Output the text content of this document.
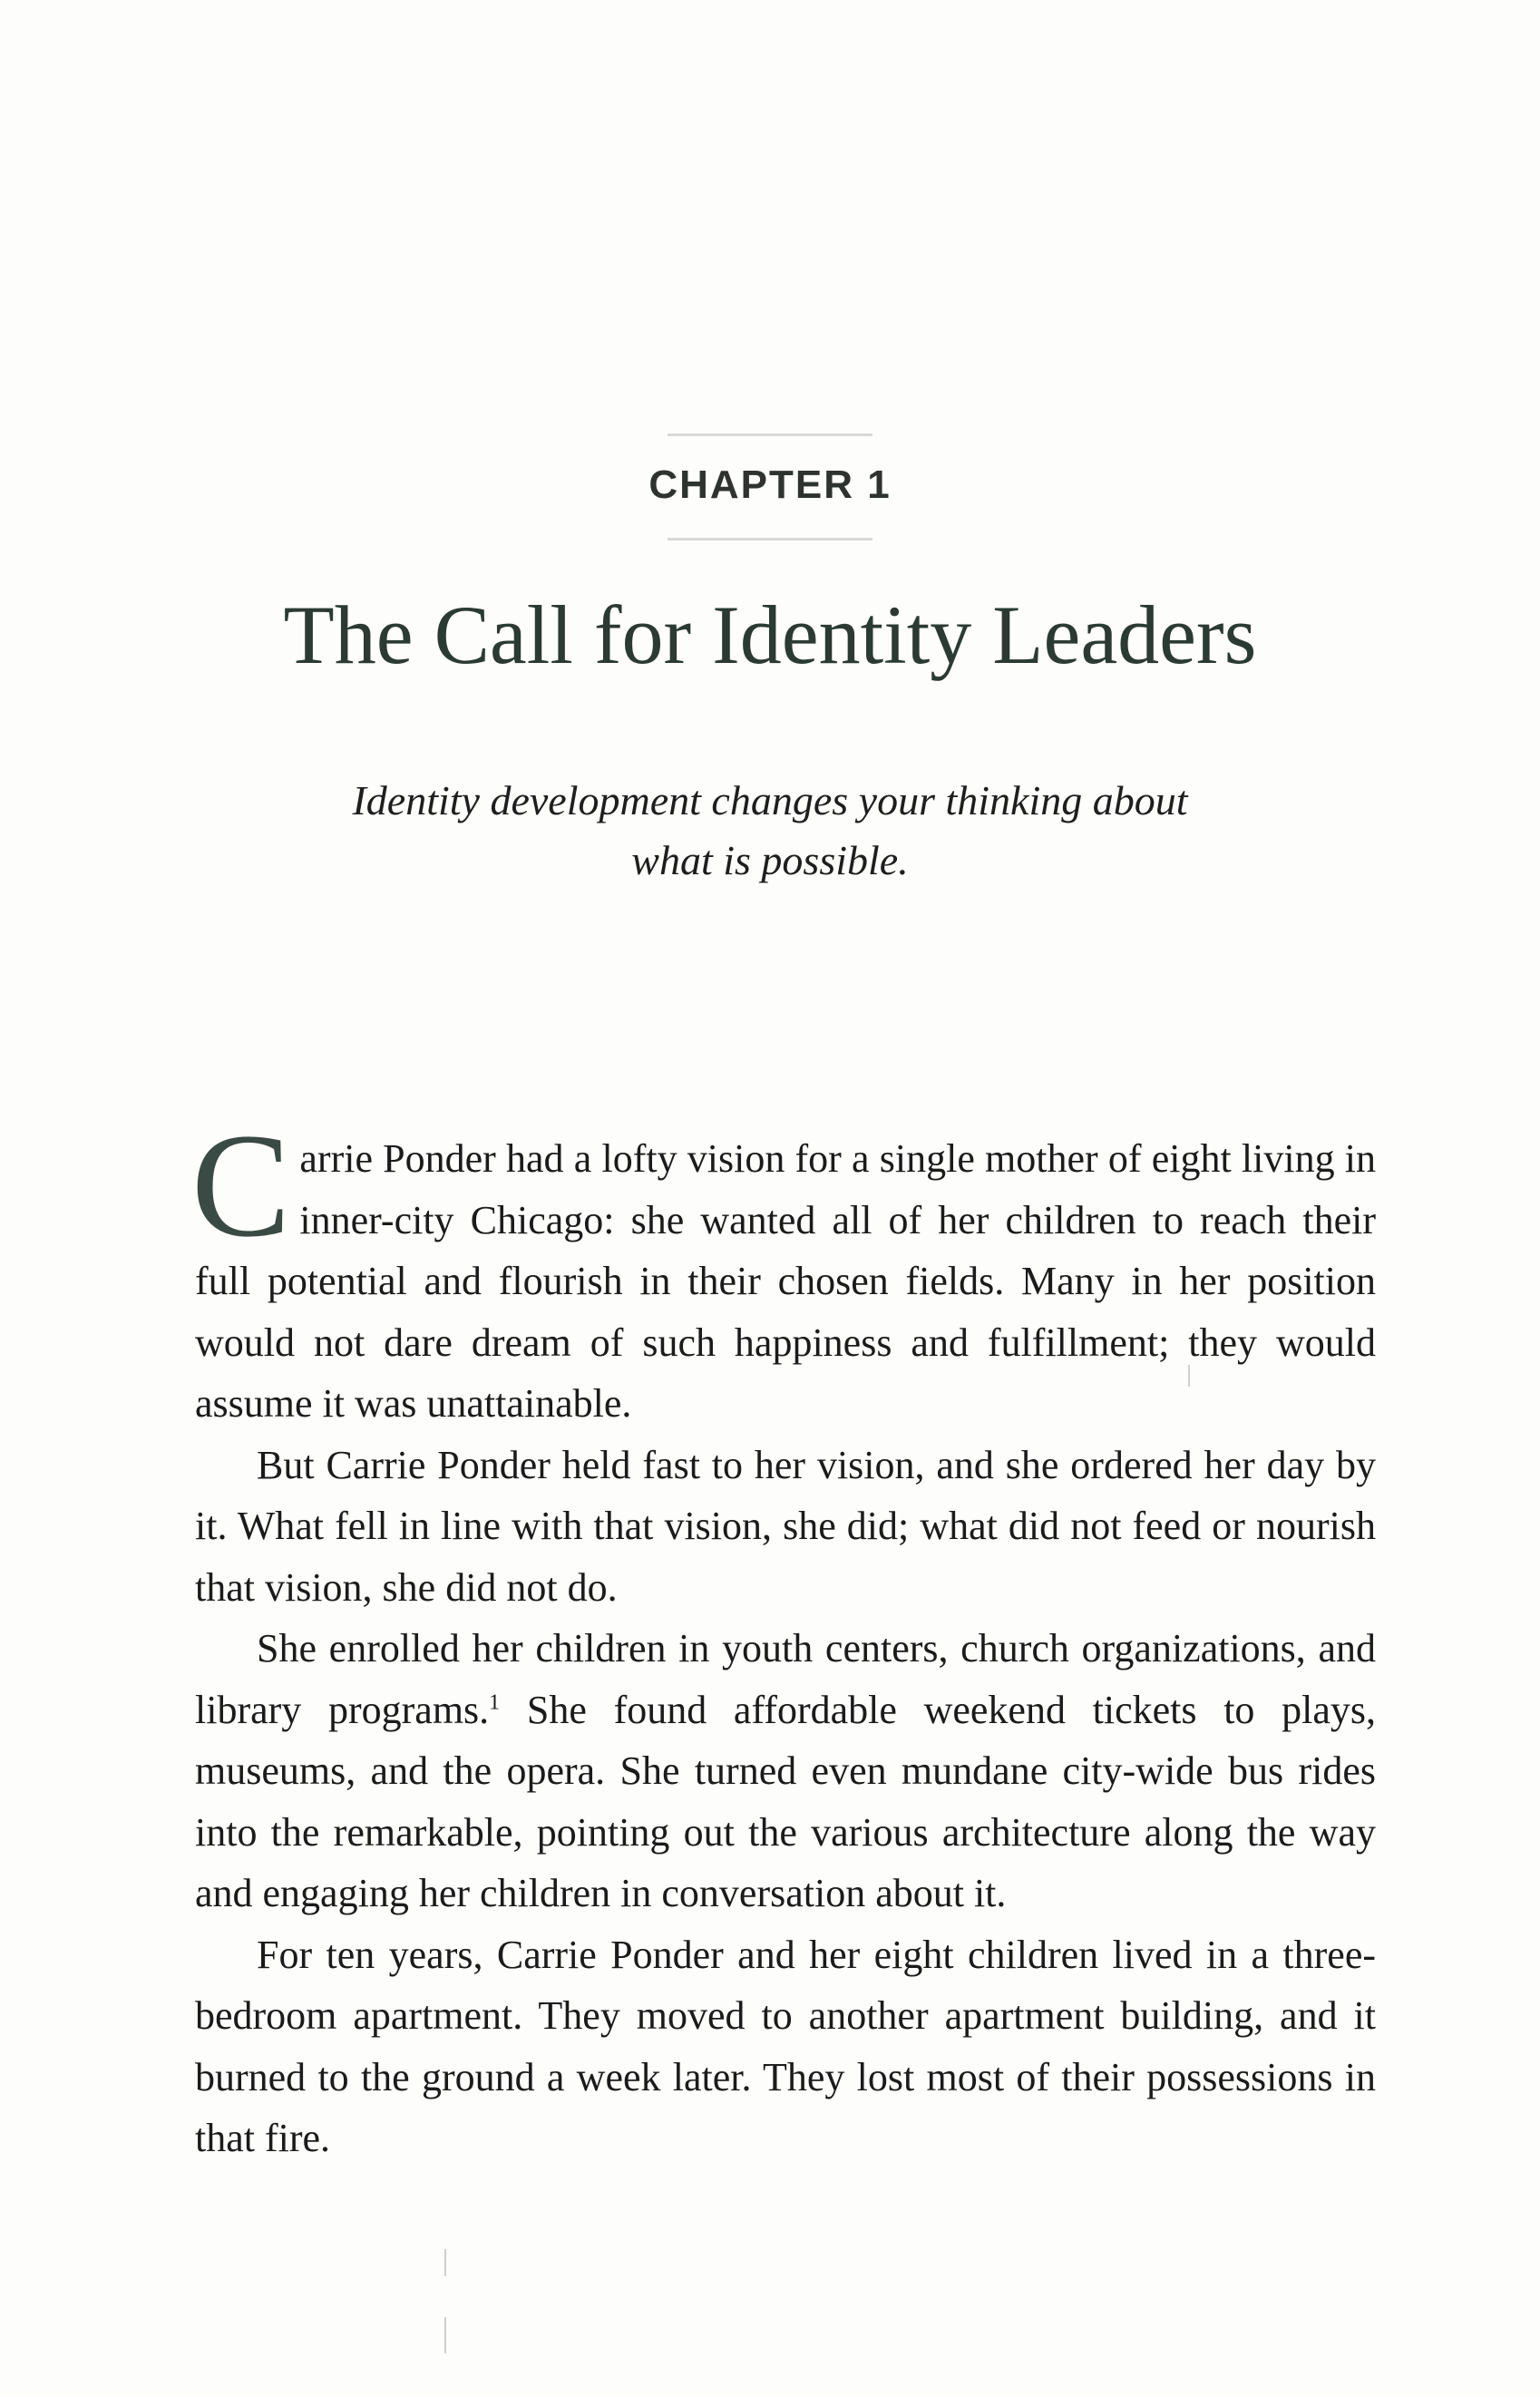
CHAPTER 1
The Call for Identity Leaders
Identity development changes your thinking about
what is possible.

Carrie Ponder had a lofty vision for a single mother of eight living in inner-city Chicago: she wanted all of her children to reach their full potential and flourish in their chosen fields. Many in her position would not dare dream of such happiness and fulfillment; they would assume it was unattainable.

But Carrie Ponder held fast to her vision, and she ordered her day by it. What fell in line with that vision, she did; what did not feed or nourish that vision, she did not do.

She enrolled her children in youth centers, church organizations, and library programs.$^1$ She found affordable weekend tickets to plays, museums, and the opera. She turned even mundane city-wide bus rides into the remarkable, pointing out the various architecture along the way and engaging her children in conversation about it.

For ten years, Carrie Ponder and her eight children lived in a three-bedroom apartment. They moved to another apartment building, and it burned to the ground a week later. They lost most of their possessions in that fire.
